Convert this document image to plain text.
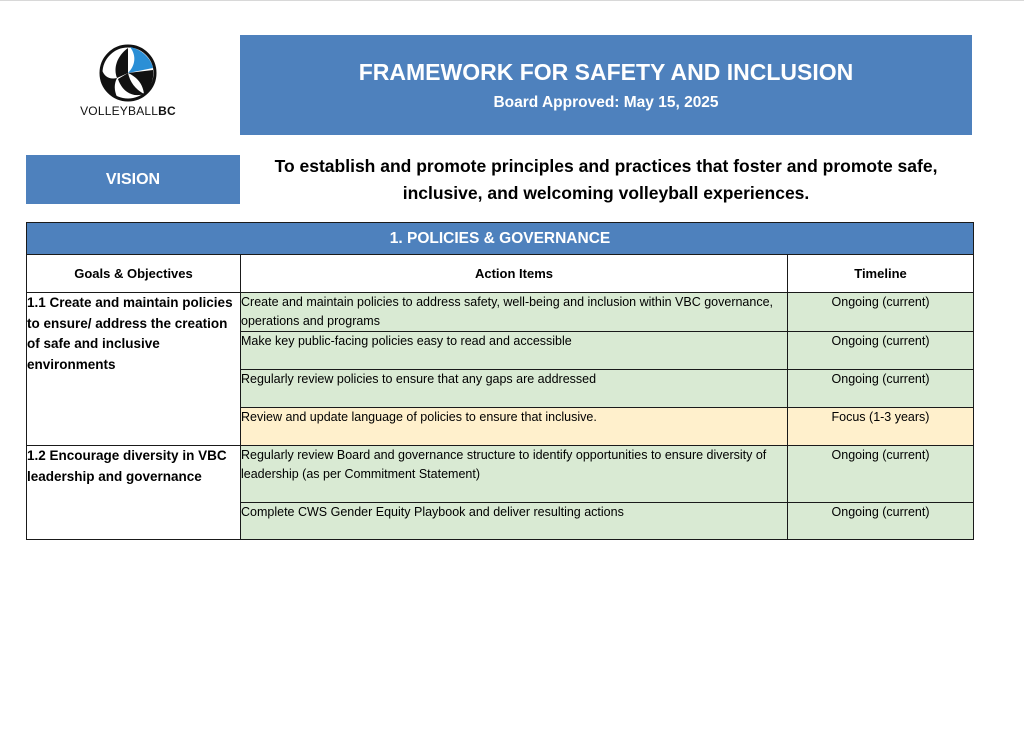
VOLLEYBALLBC
FRAMEWORK FOR SAFETY AND INCLUSION
Board Approved: May 15, 2025
VISION
To establish and promote principles and practices that foster and promote safe, inclusive, and welcoming volleyball experiences.
1. POLICIES & GOVERNANCE		
Goals & Objectives	Action Items	Timeline
1.1 Create and maintain policies to ensure/ address the creation of safe and inclusive environments	Create and maintain policies to address safety, well-being and inclusion within VBC governance, operations and programs	Ongoing (current)
	Make key public-facing policies easy to read and accessible	Ongoing (current)
	Regularly review policies to ensure that any gaps are addressed	Ongoing (current)
	Review and update language of policies to ensure that inclusive.	Focus (1-3 years)
1.2 Encourage diversity in VBC leadership and governance	Regularly review Board and governance structure to identify opportunities to ensure diversity of leadership (as per Commitment Statement)	Ongoing (current)
	Complete CWS Gender Equity Playbook and deliver resulting actions	Ongoing (current)
